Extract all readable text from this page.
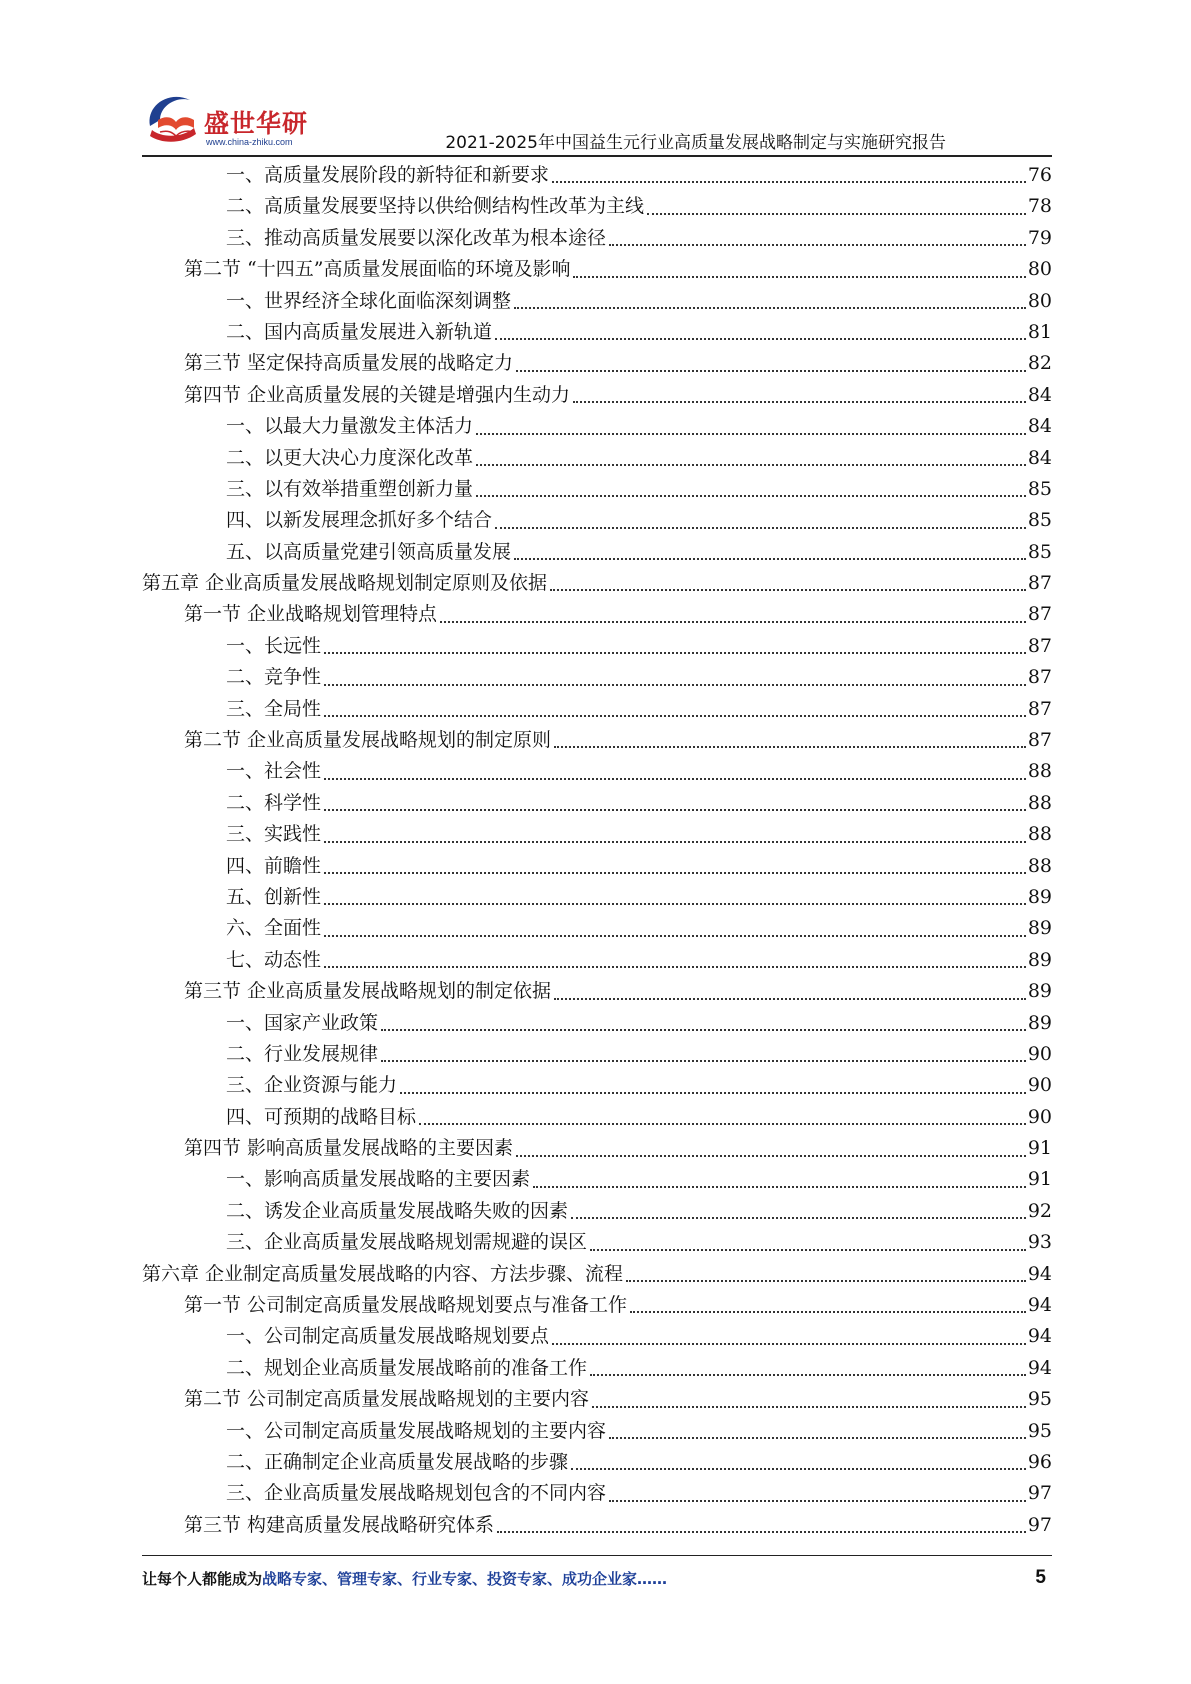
盛世华研
www.china-zhiku.com	2021-2025年中国益生元行业高质量发展战略制定与实施研究报告
一、高质量发展阶段的新特征和新要求	76
二、高质量发展要坚持以供给侧结构性改革为主线	78
三、推动高质量发展要以深化改革为根本途径	79
第二节 “十四五”高质量发展面临的环境及影响	80
一、世界经济全球化面临深刻调整	80
二、国内高质量发展进入新轨道	81
第三节 坚定保持高质量发展的战略定力	82
第四节 企业高质量发展的关键是增强内生动力	84
一、以最大力量激发主体活力	84
二、以更大决心力度深化改革	84
三、以有效举措重塑创新力量	85
四、以新发展理念抓好多个结合	85
五、以高质量党建引领高质量发展	85
第五章 企业高质量发展战略规划制定原则及依据	87
第一节 企业战略规划管理特点	87
一、长远性	87
二、竞争性	87
三、全局性	87
第二节 企业高质量发展战略规划的制定原则	87
一、社会性	88
二、科学性	88
三、实践性	88
四、前瞻性	88
五、创新性	89
六、全面性	89
七、动态性	89
第三节 企业高质量发展战略规划的制定依据	89
一、国家产业政策	89
二、行业发展规律	90
三、企业资源与能力	90
四、可预期的战略目标	90
第四节 影响高质量发展战略的主要因素	91
一、影响高质量发展战略的主要因素	91
二、诱发企业高质量发展战略失败的因素	92
三、企业高质量发展战略规划需规避的误区	93
第六章 企业制定高质量发展战略的内容、方法步骤、流程	94
第一节 公司制定高质量发展战略规划要点与准备工作	94
一、公司制定高质量发展战略规划要点	94
二、规划企业高质量发展战略前的准备工作	94
第二节 公司制定高质量发展战略规划的主要内容	95
一、公司制定高质量发展战略规划的主要内容	95
二、正确制定企业高质量发展战略的步骤	96
三、企业高质量发展战略规划包含的不同内容	97
第三节 构建高质量发展战略研究体系	97
让每个人都能成为战略专家、管理专家、行业专家、投资专家、成功企业家……	5
